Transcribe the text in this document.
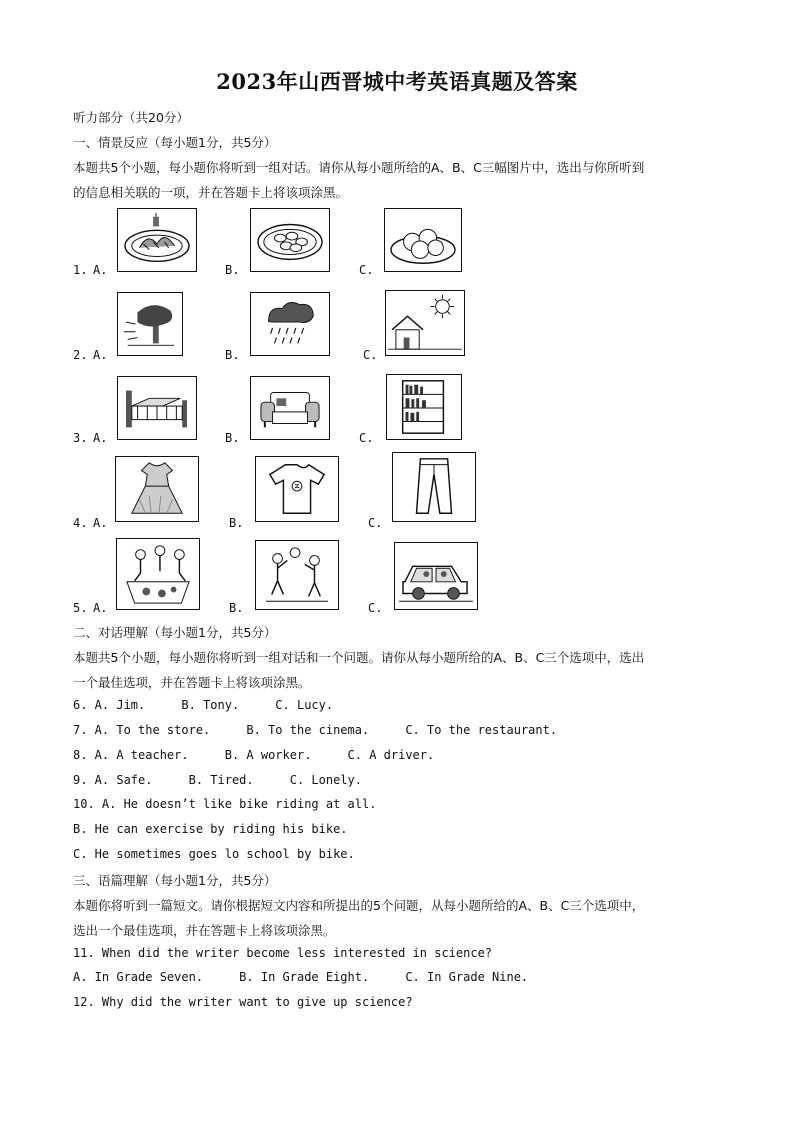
2023年山西晋城中考英语真题及答案
听力部分（共20分）
一、情景反应（每小题1分，共5分）
本题共5个小题，每小题你将听到一组对话。请你从每小题所给的A、B、C三幅图片中，选出与你所听到
的信息相关联的一项，并在答题卡上将该项涂黑。
1. A.	B.	C.
2. A.	B.	C.
3. A.	B.	C.
4. A.	B.	C.
5. A.	B.	C.
二、对话理解（每小题1分，共5分）
本题共5个小题，每小题你将听到一组对话和一个问题。请你从每小题所给的A、B、C三个选项中，选出
一个最佳选项，并在答题卡上将该项涂黑。
6. A. Jim.     B. Tony.     C. Lucy.
7. A. To the store.     B. To the cinema.     C. To the restaurant.
8. A. A teacher.     B. A worker.     C. A driver.
9. A. Safe.     B. Tired.     C. Lonely.
10. A. He doesn’t like bike riding at all.
B. He can exercise by riding his bike.
C. He sometimes goes lo school by bike.
三、语篇理解（每小题1分，共5分）
本题你将听到一篇短文。请你根据短文内容和所提出的5个问题，从每小题所给的A、B、C三个选项中，
选出一个最佳选项，并在答题卡上将该项涂黑。
11. When did the writer become less interested in science?
A. In Grade Seven.     B. In Grade Eight.     C. In Grade Nine.
12. Why did the writer want to give up science?
